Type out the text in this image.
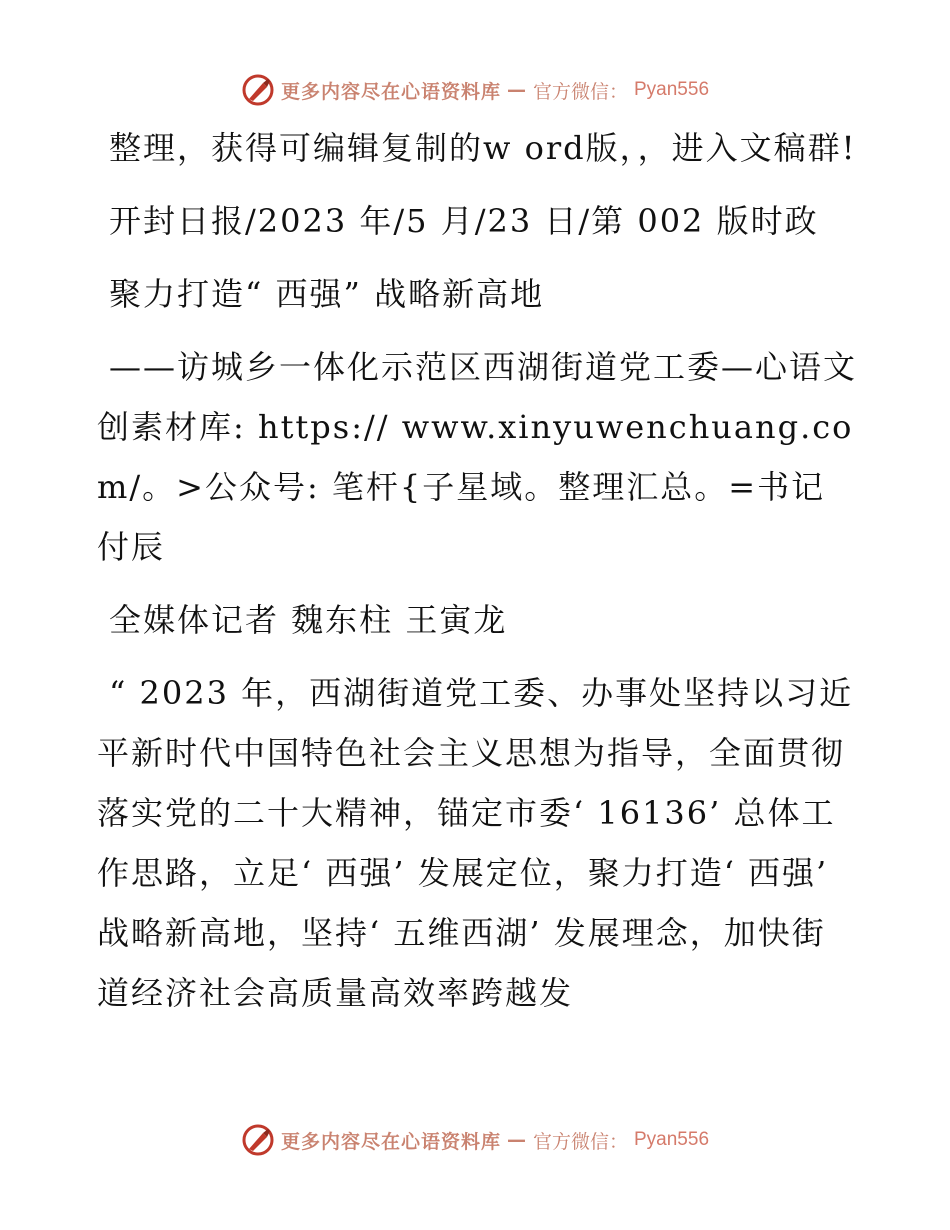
更多内容尽在心语资料库 — 官方微信： Pyan556

整理，获得可编辑复制的w ord版，，进入文稿群!

开封日报/2023 年/5 月/23 日/第 002 版时政

聚力打造“ 西强” 战略新高地

——访城乡一体化示范区西湖街道党工委—心语文创素材库: https:// www.xinyuwenchuang.com/。>公众号: 笔杆{子星域。整理汇总。=书记付辰

全媒体记者 魏东柱 王寅龙

“ 2023 年，西湖街道党工委、办事处坚持以习近平新时代中国特色社会主义思想为指导，全面贯彻落实党的二十大精神，锚定市委‘ 16136’ 总体工作思路，立足‘ 西强’ 发展定位，聚力打造‘ 西强’ 战略新高地，坚持‘ 五维西湖’ 发展理念，加快街道经济社会高质量高效率跨越发

更多内容尽在心语资料库 — 官方微信： Pyan556
